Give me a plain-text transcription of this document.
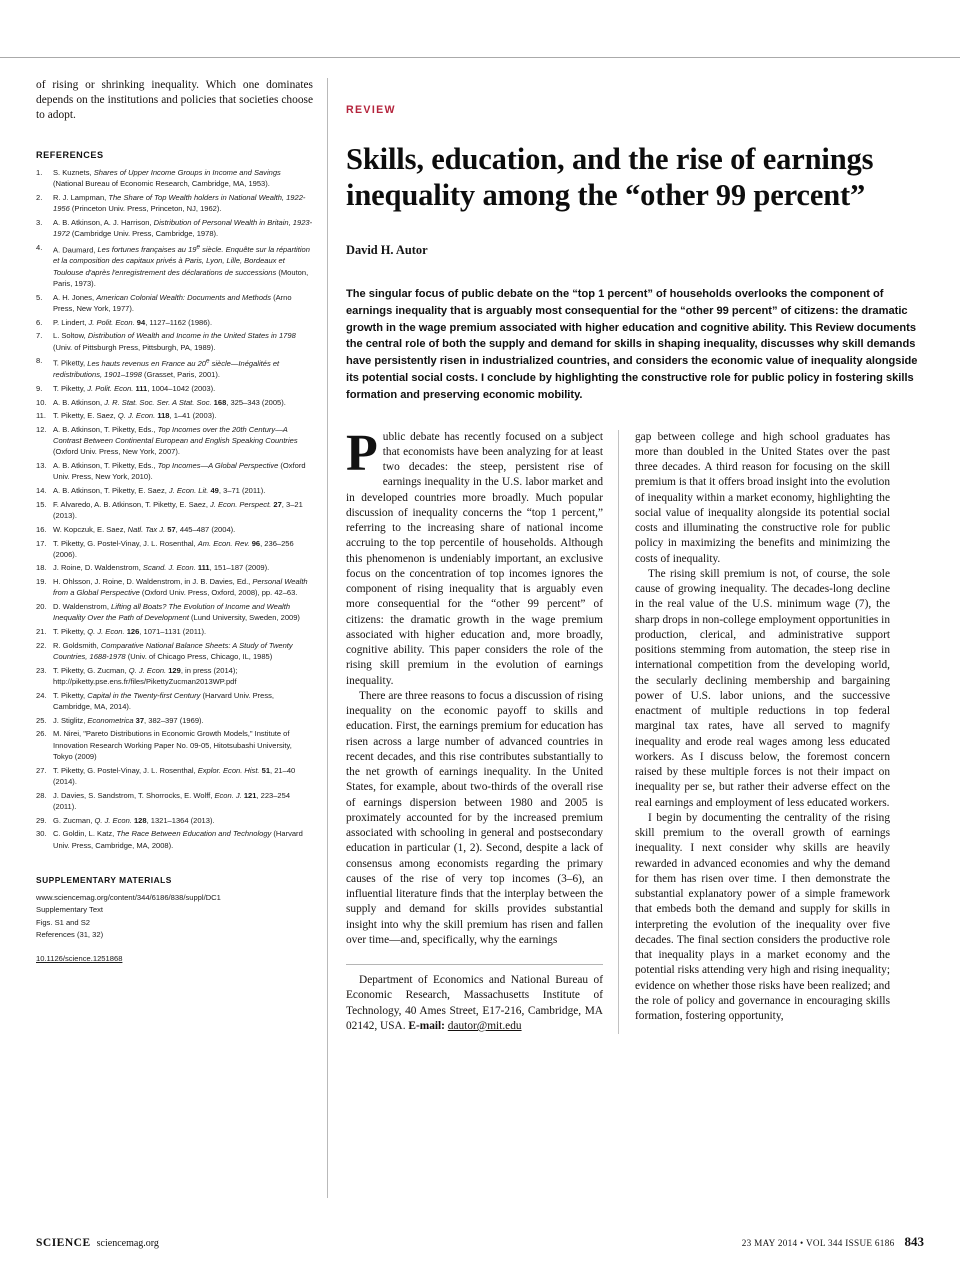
of rising or shrinking inequality. Which one dominates depends on the institutions and policies that societies choose to adopt.

REFERENCES
1.	S. Kuznets, Shares of Upper Income Groups in Income and Savings (National Bureau of Economic Research, Cambridge, MA, 1953).
2.	R. J. Lampman, The Share of Top Wealth holders in National Wealth, 1922-1956 (Princeton Univ. Press, Princeton, NJ, 1962).
3.	A. B. Atkinson, A. J. Harrison, Distribution of Personal Wealth in Britain, 1923-1972 (Cambridge Univ. Press, Cambridge, 1978).
4.	A. Daumard, Les fortunes françaises au 19e siècle. Enquête sur la répartition et la composition des capitaux privés à Paris, Lyon, Lille, Bordeaux et Toulouse d'après l'enregistrement des déclarations de successions (Mouton, Paris, 1973).
5.	A. H. Jones, American Colonial Wealth: Documents and Methods (Arno Press, New York, 1977).
6.	P. Lindert, J. Polit. Econ. 94, 1127–1162 (1986).
7.	L. Soltow, Distribution of Wealth and Income in the United States in 1798 (Univ. of Pittsburgh Press, Pittsburgh, PA, 1989).
8.	T. Piketty, Les hauts revenus en France au 20e siècle—Inégalités et redistributions, 1901–1998 (Grasset, Paris, 2001).
9.	T. Piketty, J. Polit. Econ. 111, 1004–1042 (2003).
10. A. B. Atkinson, J. R. Stat. Soc. Ser. A Stat. Soc. 168, 325–343 (2005).
11. T. Piketty, E. Saez, Q. J. Econ. 118, 1–41 (2003).
12. A. B. Atkinson, T. Piketty, Eds., Top Incomes over the 20th Century—A Contrast Between Continental European and English Speaking Countries (Oxford Univ. Press, New York, 2007).
13. A. B. Atkinson, T. Piketty, Eds., Top Incomes—A Global Perspective (Oxford Univ. Press, New York, 2010).
14. A. B. Atkinson, T. Piketty, E. Saez, J. Econ. Lit. 49, 3–71 (2011).
15. F. Alvaredo, A. B. Atkinson, T. Piketty, E. Saez, J. Econ. Perspect. 27, 3–21 (2013).
16. W. Kopczuk, E. Saez, Natl. Tax J. 57, 445–487 (2004).
17. T. Piketty, G. Postel-Vinay, J. L. Rosenthal, Am. Econ. Rev. 96, 236–256 (2006).
18. J. Roine, D. Waldenstrom, Scand. J. Econ. 111, 151–187 (2009).
19. H. Ohlsson, J. Roine, D. Waldenstrom, in J. B. Davies, Ed., Personal Wealth from a Global Perspective (Oxford Univ. Press, Oxford, 2008), pp. 42–63.
20. D. Waldenstrom, Lifting all Boats? The Evolution of Income and Wealth Inequality Over the Path of Development (Lund University, Sweden, 2009)
21. T. Piketty, Q. J. Econ. 126, 1071–1131 (2011).
22. R. Goldsmith, Comparative National Balance Sheets: A Study of Twenty Countries, 1688-1978 (Univ. of Chicago Press, Chicago, IL, 1985)
23. T. Piketty, G. Zucman, Q. J. Econ. 129, in press (2014); http://piketty.pse.ens.fr/files/PikettyZucman2013WP.pdf
24. T. Piketty, Capital in the Twenty-first Century (Harvard Univ. Press, Cambridge, MA, 2014).
25. J. Stiglitz, Econometrica 37, 382–397 (1969).
26. M. Nirei, "Pareto Distributions in Economic Growth Models," Institute of Innovation Research Working Paper No. 09-05, Hitotsubashi University, Tokyo (2009)
27. T. Piketty, G. Postel-Vinay, J. L. Rosenthal, Explor. Econ. Hist. 51, 21–40 (2014).
28. J. Davies, S. Sandstrom, T. Shorrocks, E. Wolff, Econ. J. 121, 223–254 (2011).
29. G. Zucman, Q. J. Econ. 128, 1321–1364 (2013).
30. C. Goldin, L. Katz, The Race Between Education and Technology (Harvard Univ. Press, Cambridge, MA, 2008).
SUPPLEMENTARY MATERIALS
www.sciencemag.org/content/344/6186/838/suppl/DC1
Supplementary Text
Figs. S1 and S2
References (31, 32)
10.1126/science.1251868
REVIEW
Skills, education, and the rise of earnings inequality among the “other 99 percent”
David H. Autor
The singular focus of public debate on the “top 1 percent” of households overlooks the component of earnings inequality that is arguably most consequential for the “other 99 percent” of citizens: the dramatic growth in the wage premium associated with higher education and cognitive ability. This Review documents the central role of both the supply and demand for skills in shaping inequality, discusses why skill demands have persistently risen in industrialized countries, and considers the economic value of inequality alongside its potential social costs. I conclude by highlighting the constructive role for public policy in fostering skills formation and preserving economic mobility.

Public debate has recently focused on a subject that economists have been analyzing for at least two decades: the steep, persistent rise of earnings inequality in the U.S. labor market and in developed countries more broadly. Much popular discussion of inequality concerns the “top 1 percent,” referring to the increasing share of national income accruing to the top percentile of households. Although this phenomenon is undeniably important, an exclusive focus on the concentration of top incomes ignores the component of rising inequality that is arguably even more consequential for the “other 99 percent” of citizens: the dramatic growth in the wage premium associated with higher education and, more broadly, cognitive ability. This paper considers the role of the rising skill premium in the evolution of earnings inequality.

There are three reasons to focus a discussion of rising inequality on the economic payoff to skills and education. First, the earnings premium for education has risen across a large number of advanced countries in recent decades, and this rise contributes substantially to the net growth of earnings inequality. In the United States, for example, about two-thirds of the overall rise of earnings dispersion between 1980 and 2005 is proximately accounted for by the increased premium associated with schooling in general and postsecondary education in particular (1, 2). Second, despite a lack of consensus among economists regarding the primary causes of the rise of very top incomes (3–6), an influential literature finds that the interplay between the supply and demand for skills provides substantial insight into why the skill premium has risen and fallen over time—and, specifically, why the earnings

Department of Economics and National Bureau of Economic Research, Massachusetts Institute of Technology, 40 Ames Street, E17-216, Cambridge, MA 02142, USA. E-mail: dautor@mit.edu

gap between college and high school graduates has more than doubled in the United States over the past three decades. A third reason for focusing on the skill premium is that it offers broad insight into the evolution of inequality within a market economy, highlighting the social value of inequality alongside its potential social costs and illuminating the constructive role for public policy in maximizing the benefits and minimizing the costs of inequality.

The rising skill premium is not, of course, the sole cause of growing inequality. The decades-long decline in the real value of the U.S. minimum wage (7), the sharp drops in non-college employment opportunities in production, clerical, and administrative support positions stemming from automation, the steep rise in international competition from the developing world, the secularly declining membership and bargaining power of U.S. labor unions, and the successive enactment of multiple reductions in top federal marginal tax rates, have all served to magnify inequality and erode real wages among less educated workers. As I discuss below, the foremost concern raised by these multiple forces is not their impact on inequality per se, but rather their adverse effect on the real earnings and employment of less educated workers.

I begin by documenting the centrality of the rising skill premium to the overall growth of earnings inequality. I next consider why skills are heavily rewarded in advanced economies and why the demand for them has risen over time. I then demonstrate the substantial explanatory power of a simple framework that embeds both the demand and supply for skills in interpreting the evolution of the inequality over five decades. The final section considers the productive role that inequality plays in a market economy and the potential risks attending very high and rising inequality; evidence on whether those risks have been realized; and the role of policy and governance in encouraging skills formation, fostering opportunity,

SCIENCE sciencemag.org	23 MAY 2014 • VOL 344 ISSUE 6186 843
